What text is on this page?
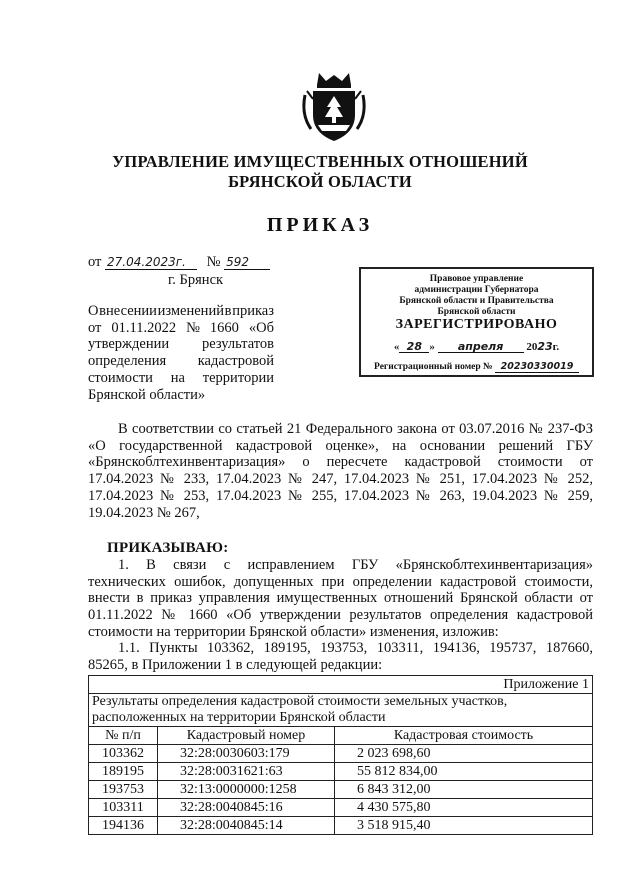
УПРАВЛЕНИЕ ИМУЩЕСТВЕННЫХ ОТНОШЕНИЙ
БРЯНСКОЙ ОБЛАСТИ
ПРИКАЗ
от 27.04.2023г. № 592
г. Брянск	Правовое управление
администрации Губернатора
Брянской области и Правительства
Брянской области
ЗАРЕГИСТРИРОВАНО
« 28 » апреля 2023г.
Регистрационный номер № 20230330019
О внесении изменений в приказ
от 01.11.2022 № 1660 «Об
утверждении результатов
определения кадастровой
стоимости на территории
Брянской области»
В соответствии со статьей 21 Федерального закона от 03.07.2016 № 237-ФЗ
«О государственной кадастровой оценке», на основании решений ГБУ
«Брянскоблтехинвентаризация» о пересчете кадастровой стоимости от
17.04.2023 № 233, 17.04.2023 № 247, 17.04.2023 № 251, 17.04.2023 № 252,
17.04.2023 № 253, 17.04.2023 № 255, 17.04.2023 № 263, 19.04.2023 № 259,
19.04.2023 № 267,
ПРИКАЗЫВАЮ:
1. В связи с исправлением ГБУ «Брянскоблтехинвентаризация»
технических ошибок, допущенных при определении кадастровой стоимости,
внести в приказ управления имущественных отношений Брянской области от
01.11.2022 № 1660 «Об утверждении результатов определения кадастровой
стоимости на территории Брянской области» изменения, изложив:
1.1. Пункты 103362, 189195, 193753, 103311, 194136, 195737, 187660,
85265, в Приложении 1 в следующей редакции:
Приложение 1		

Результаты определения кадастровой стоимости земельных участков,
расположенных на территории Брянской области		

№ п/п	Кадастровый номер	Кадастровая стоимость
103362	32:28:0030603:179	2 023 698,60
189195	32:28:0031621:63	55 812 834,00
193753	32:13:0000000:1258	6 843 312,00
103311	32:28:0040845:16	4 430 575,80
194136	32:28:0040845:14	3 518 915,40
